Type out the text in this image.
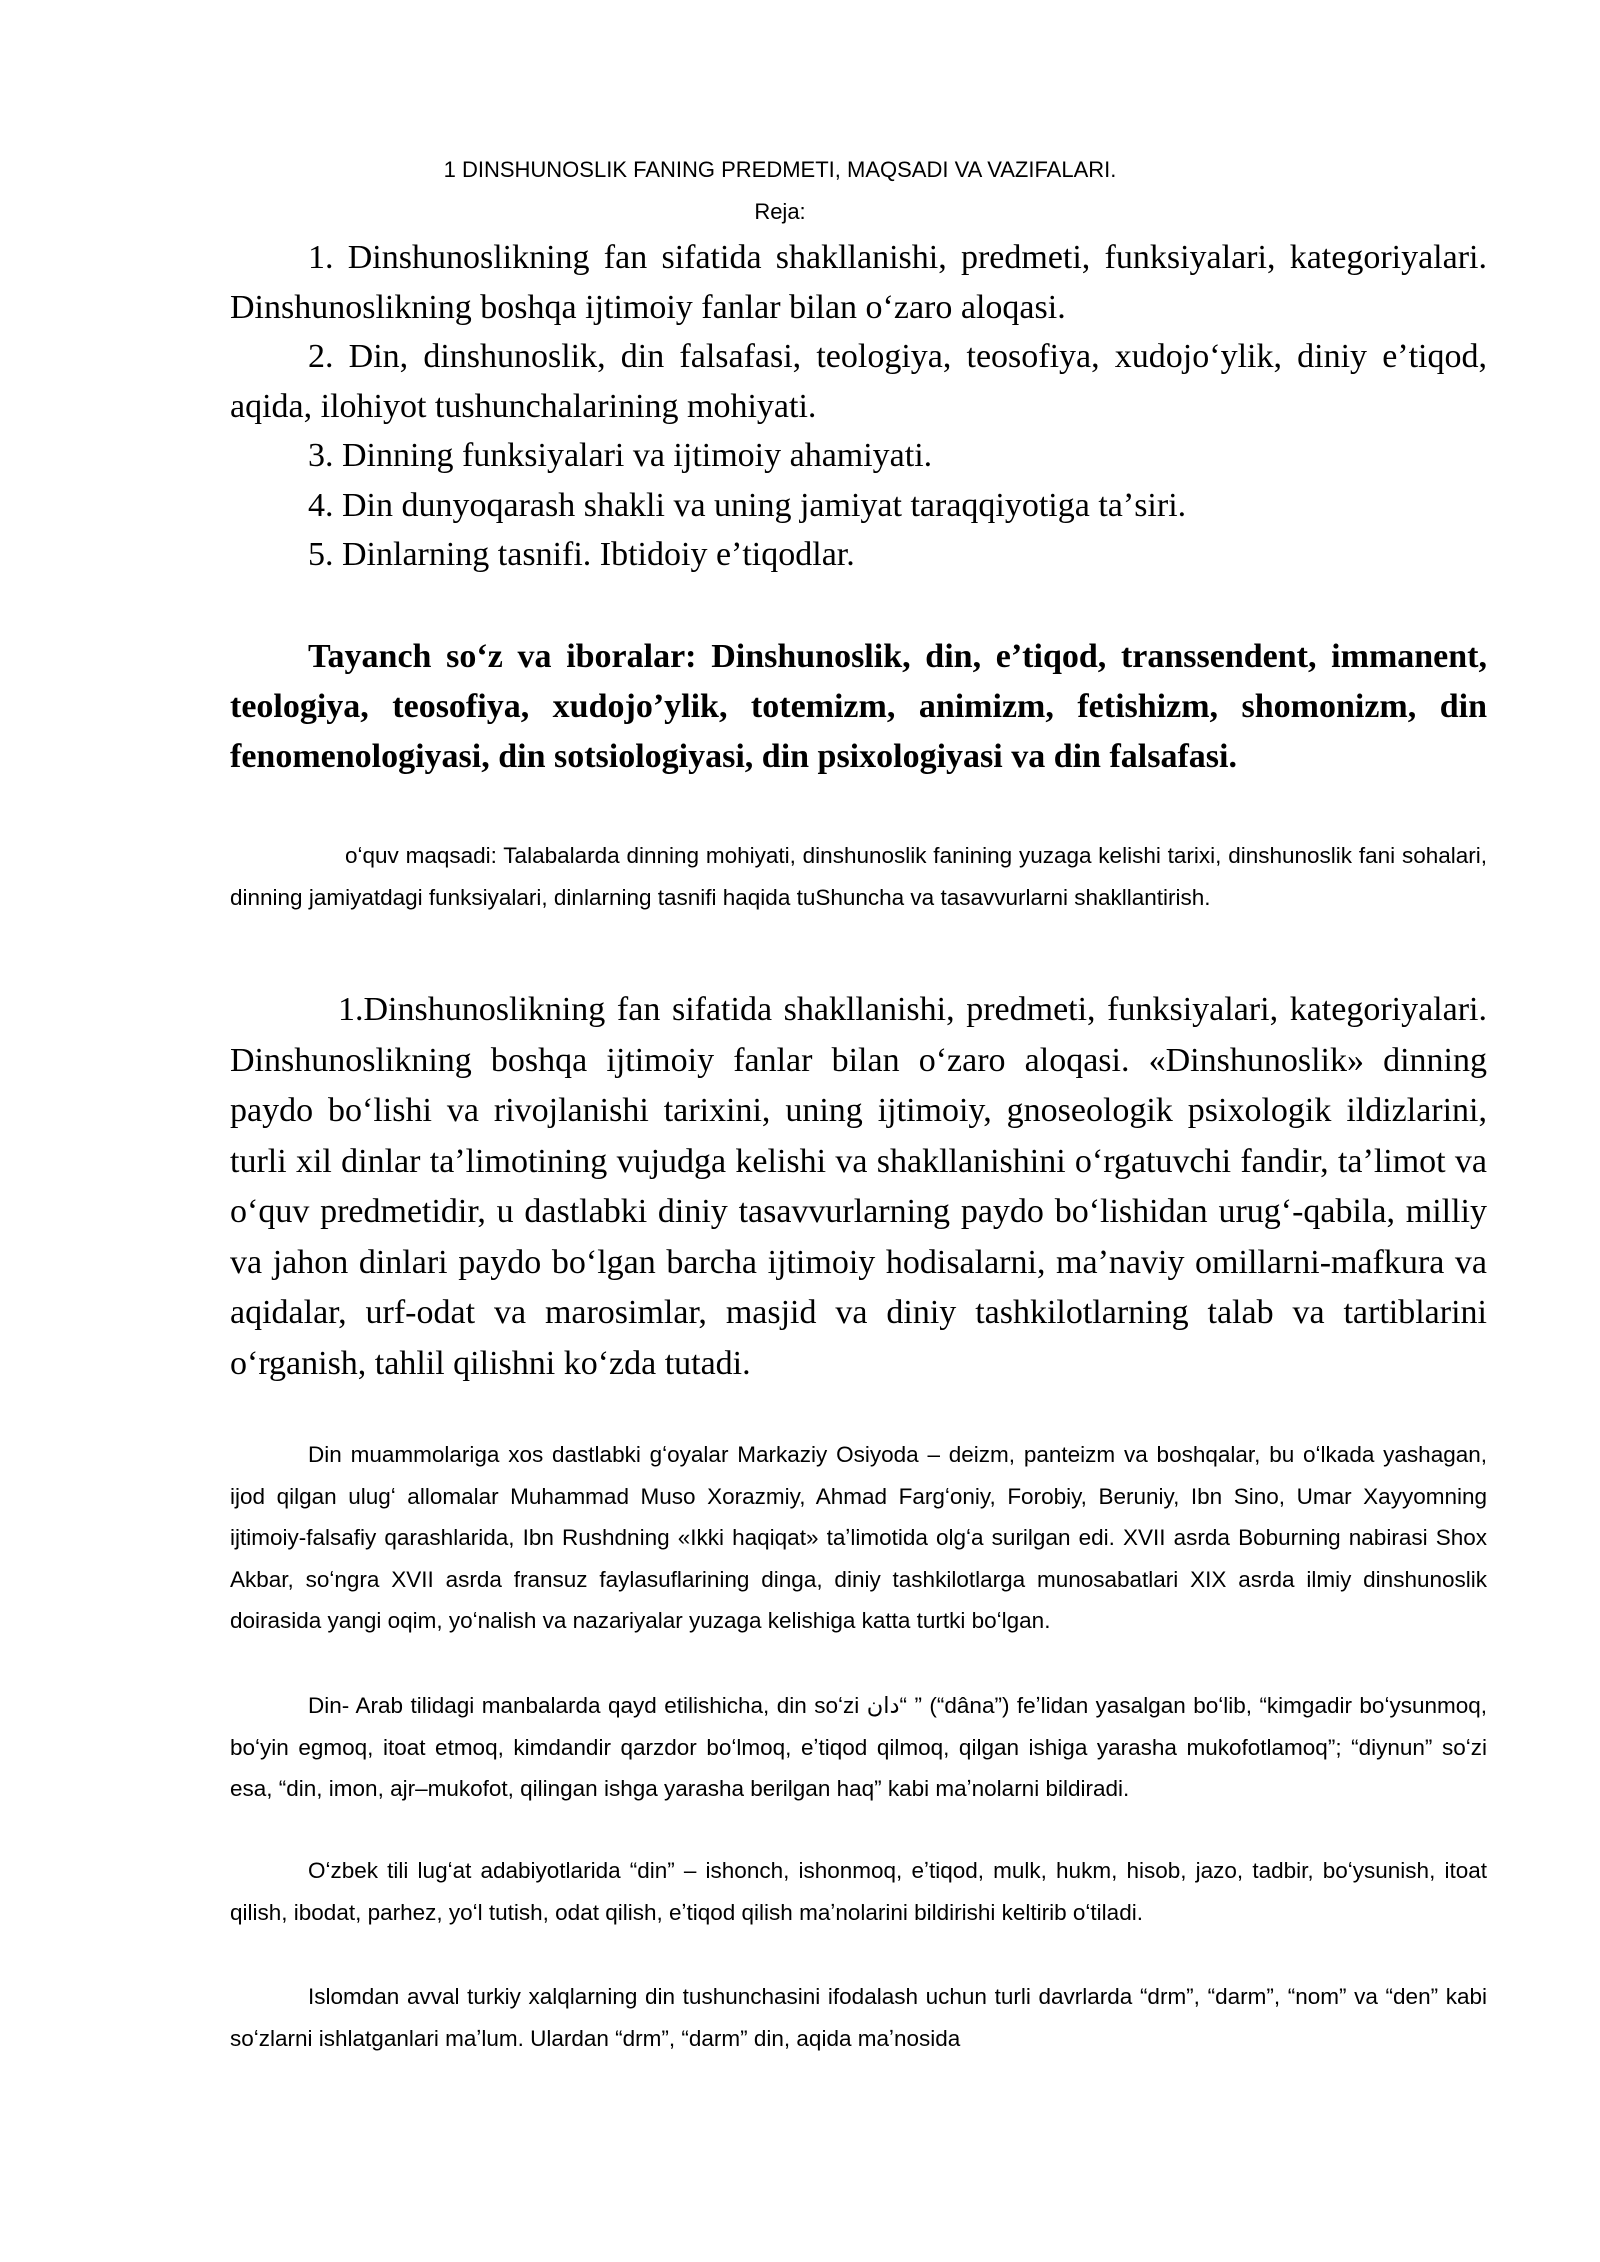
1 DINSHUNOSLIK FANING PREDMETI, MAQSADI VA VAZIFALARI.
Reja:

1. Dinshunoslikning fan sifatida shakllanishi, predmeti, funksiyalari, kategoriyalari. Dinshunoslikning boshqa ijtimoiy fanlar bilan oʻzaro aloqasi.

2. Din, dinshunoslik, din falsafasi, teologiya, teosofiya, xudojoʻylik, diniy eʼtiqod, aqida, ilohiyot tushunchalarining mohiyati.

3. Dinning funksiyalari va ijtimoiy ahamiyati.

4. Din dunyoqarash shakli va uning jamiyat taraqqiyotiga taʼsiri.

5. Dinlarning tasnifi. Ibtidoiy eʼtiqodlar.

Tayanch soʻz va iboralar: Dinshunoslik, din, eʼtiqod, transsendent, immanent, teologiya, teosofiya, xudojoʼylik, totemizm, animizm, fetishizm, shomonizm, din fenomenologiyasi, din sotsiologiyasi, din psixologiyasi va din falsafasi.

oʻquv maqsadi: Talabalarda dinning mohiyati, dinshunoslik fanining yuzaga kelishi tarixi, dinshunoslik fani sohalari, dinning jamiyatdagi funksiyalari, dinlarning tasnifi haqida tuShuncha va tasavvurlarni shakllantirish.

1.Dinshunoslikning fan sifatida shakllanishi, predmeti, funksiyalari, kategoriyalari. Dinshunoslikning boshqa ijtimoiy fanlar bilan oʻzaro aloqasi. «Dinshunoslik» dinning paydo boʻlishi va rivojlanishi tarixini, uning ijtimoiy, gnoseologik psixologik ildizlarini, turli xil dinlar taʼlimotining vujudga kelishi va shakllanishini oʻrgatuvchi fandir, taʼlimot va oʻquv predmetidir, u dastlabki diniy tasavvurlarning paydo boʻlishidan urugʻ-qabila, milliy va jahon dinlari paydo boʻlgan barcha ijtimoiy hodisalarni, maʼnaviy omillarni-mafkura va aqidalar, urf-odat va marosimlar, masjid va diniy tashkilotlarning talab va tartiblarini oʻrganish, tahlil qilishni koʻzda tutadi.

Din muammolariga xos dastlabki gʻoyalar Markaziy Osiyoda – deizm, panteizm va boshqalar, bu oʻlkada yashagan, ijod qilgan ulugʻ allomalar Muhammad Muso Xorazmiy, Ahmad Fargʻoniy, Forobiy, Beruniy, Ibn Sino, Umar Xayyomning ijtimoiy-falsafiy qarashlarida, Ibn Rushdning «Ikki haqiqat» taʼlimotida olgʻa surilgan edi. XVII asrda Boburning nabirasi Shox Akbar, soʻngra XVII asrda fransuz faylasuflarining dinga, diniy tashkilotlarga munosabatlari XIX asrda ilmiy dinshunoslik doirasida yangi oqim, yoʻnalish va nazariyalar yuzaga kelishiga katta turtki boʻlgan.

Din- Arab tilidagi manbalarda qayd etilishicha, din soʻzi دان“ ” (“dâna”) feʼlidan yasalgan boʻlib, “kimgadir boʻysunmoq, boʻyin egmoq, itoat etmoq, kimdandir qarzdor boʻlmoq, eʼtiqod qilmoq, qilgan ishiga yarasha mukofotlamoq”; “diynun” soʻzi esa, “din, imon, ajr–mukofot, qilingan ishga yarasha berilgan haq” kabi maʼnolarni bildiradi.

Oʻzbek tili lugʻat adabiyotlarida “din” – ishonch, ishonmoq, eʼtiqod, mulk, hukm, hisob, jazo, tadbir, boʻysunish, itoat qilish, ibodat, parhez, yoʻl tutish, odat qilish, eʼtiqod qilish maʼnolarini bildirishi keltirib oʻtiladi.

Islomdan avval turkiy xalqlarning din tushunchasini ifodalash uchun turli davrlarda “drm”, “darm”, “nom” va “den” kabi soʻzlarni ishlatganlari maʼlum. Ulardan “drm”, “darm” din, aqida maʼnosida
